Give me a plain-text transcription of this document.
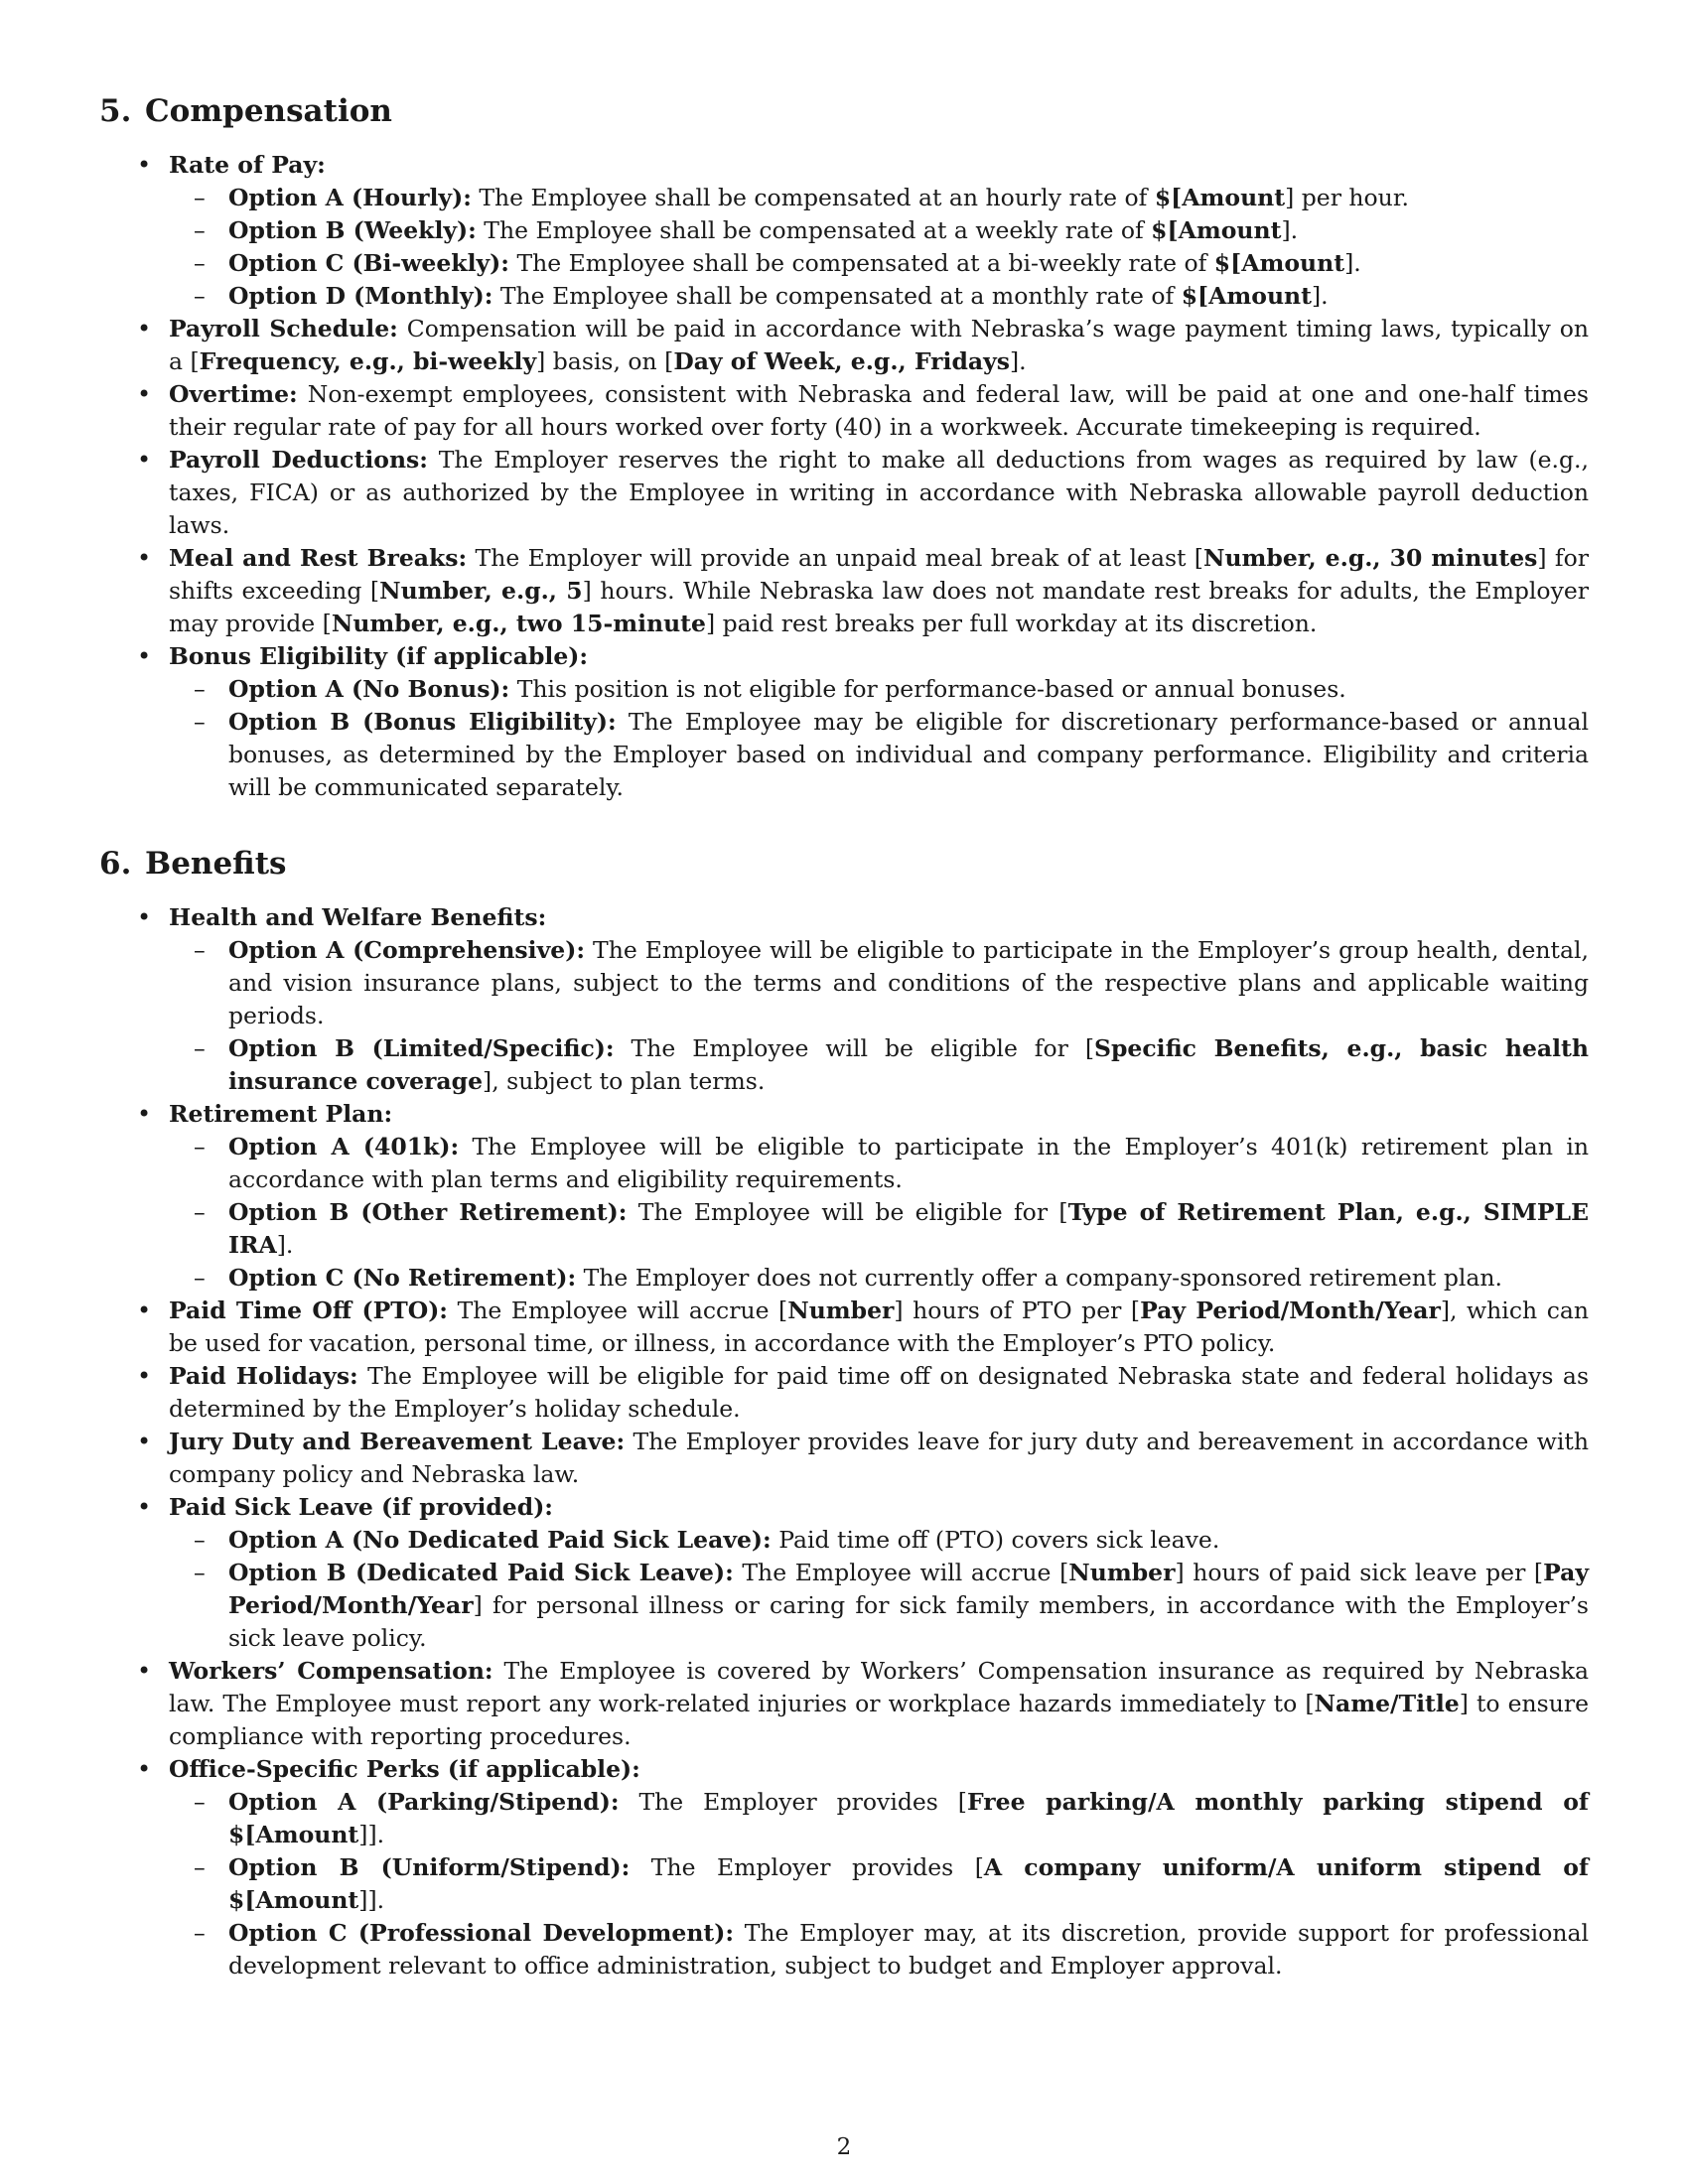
5. Compensation
• Rate of Pay:
– Option A (Hourly): The Employee shall be compensated at an hourly rate of $[Amount] per hour.
– Option B (Weekly): The Employee shall be compensated at a weekly rate of $[Amount].
– Option C (Bi-weekly): The Employee shall be compensated at a bi-weekly rate of $[Amount].
– Option D (Monthly): The Employee shall be compensated at a monthly rate of $[Amount].
• Payroll Schedule: Compensation will be paid in accordance with Nebraska’s wage payment timing laws, typically on a [Frequency, e.g., bi-weekly] basis, on [Day of Week, e.g., Fridays].
• Overtime: Non-exempt employees, consistent with Nebraska and federal law, will be paid at one and one-half times their regular rate of pay for all hours worked over forty (40) in a workweek. Accurate timekeeping is required.
• Payroll Deductions: The Employer reserves the right to make all deductions from wages as required by law (e.g., taxes, FICA) or as authorized by the Employee in writing in accordance with Nebraska allowable payroll deduction laws.
• Meal and Rest Breaks: The Employer will provide an unpaid meal break of at least [Number, e.g., 30 minutes] for shifts exceeding [Number, e.g., 5] hours. While Nebraska law does not mandate rest breaks for adults, the Employer may provide [Number, e.g., two 15-minute] paid rest breaks per full workday at its discretion.
• Bonus Eligibility (if applicable):
– Option A (No Bonus): This position is not eligible for performance-based or annual bonuses.
– Option B (Bonus Eligibility): The Employee may be eligible for discretionary performance-based or annual bonuses, as determined by the Employer based on individual and company performance. Eligibility and criteria will be communicated separately.
6. Benefits
• Health and Welfare Benefits:
– Option A (Comprehensive): The Employee will be eligible to participate in the Employer’s group health, dental, and vision insurance plans, subject to the terms and conditions of the respective plans and applicable waiting periods.
– Option B (Limited/Specific): The Employee will be eligible for [Specific Benefits, e.g., basic health insurance coverage], subject to plan terms.
• Retirement Plan:
– Option A (401k): The Employee will be eligible to participate in the Employer’s 401(k) retirement plan in accordance with plan terms and eligibility requirements.
– Option B (Other Retirement): The Employee will be eligible for [Type of Retirement Plan, e.g., SIMPLE IRA].
– Option C (No Retirement): The Employer does not currently offer a company-sponsored retirement plan.
• Paid Time Off (PTO): The Employee will accrue [Number] hours of PTO per [Pay Period/Month/Year], which can be used for vacation, personal time, or illness, in accordance with the Employer’s PTO policy.
• Paid Holidays: The Employee will be eligible for paid time off on designated Nebraska state and federal holidays as determined by the Employer’s holiday schedule.
• Jury Duty and Bereavement Leave: The Employer provides leave for jury duty and bereavement in accordance with company policy and Nebraska law.
• Paid Sick Leave (if provided):
– Option A (No Dedicated Paid Sick Leave): Paid time off (PTO) covers sick leave.
– Option B (Dedicated Paid Sick Leave): The Employee will accrue [Number] hours of paid sick leave per [Pay Period/Month/Year] for personal illness or caring for sick family members, in accordance with the Employer’s sick leave policy.
• Workers’ Compensation: The Employee is covered by Workers’ Compensation insurance as required by Nebraska law. The Employee must report any work-related injuries or workplace hazards immediately to [Name/Title] to ensure compliance with reporting procedures.
• Office-Specific Perks (if applicable):
– Option A (Parking/Stipend): The Employer provides [Free parking/A monthly parking stipend of $[Amount]].
– Option B (Uniform/Stipend): The Employer provides [A company uniform/A uniform stipend of $[Amount]].
– Option C (Professional Development): The Employer may, at its discretion, provide support for professional development relevant to office administration, subject to budget and Employer approval.
2
